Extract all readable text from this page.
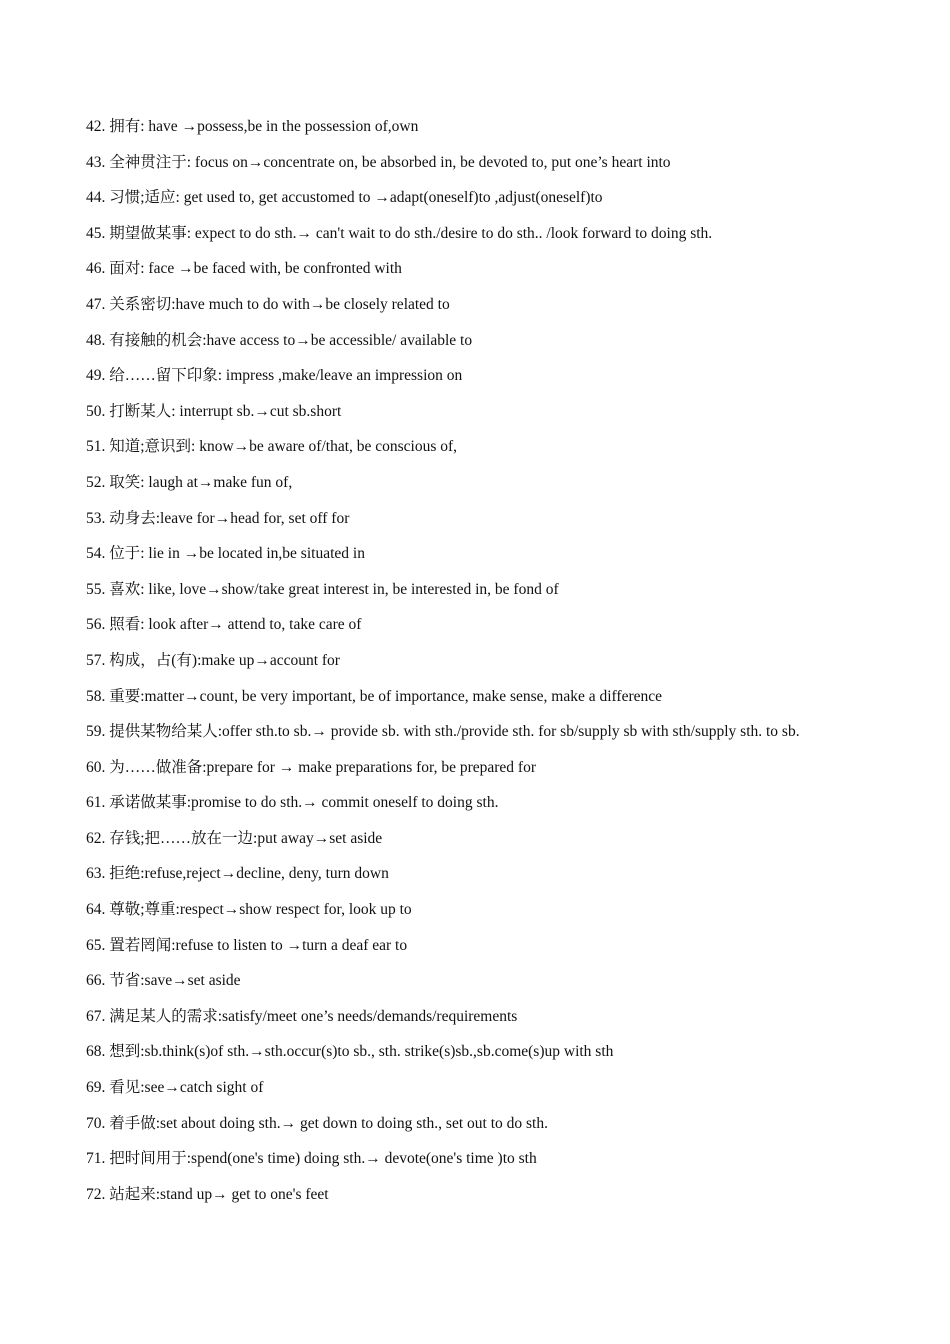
42. 拥有: have →possess,be in the possession of,own
43. 全神贯注于: focus on→concentrate on, be absorbed in, be devoted to, put one’s heart into
44. 习惯;适应: get used to, get accustomed to →adapt(oneself)to ,adjust(oneself)to
45. 期望做某事: expect to do sth.→ can't wait to do sth./desire to do sth.. /look forward to doing sth.
46. 面对: face →be faced with, be confronted with
47. 关系密切:have much to do with→be closely related to
48. 有接触的机会:have access to→be accessible/ available to
49. 给……留下印象: impress ,make/leave an impression on
50. 打断某人: interrupt sb.→cut sb.short
51. 知道;意识到: know→be aware of/that, be conscious of,
52. 取笑: laugh at→make fun of,
53. 动身去:leave for→head for, set off for
54. 位于: lie in →be located in,be situated in
55. 喜欢: like, love→show/take great interest in, be interested in, be fond of
56. 照看: look after→ attend to, take care of
57. 构成，占(有):make up→account for
58. 重要:matter→count, be very important, be of importance, make sense, make a difference
59. 提供某物给某人:offer sth.to sb.→ provide sb. with sth./provide sth. for sb/supply sb with sth/supply sth. to sb.
60. 为……做准备:prepare for → make preparations for, be prepared for
61. 承诺做某事:promise to do sth.→ commit oneself to doing sth.
62. 存钱;把……放在一边:put away→set aside
63. 拒绝:refuse,reject→decline, deny, turn down
64. 尊敬;尊重:respect→show respect for, look up to
65. 置若罔闻:refuse to listen to →turn a deaf ear to
66. 节省:save→set aside
67. 满足某人的需求:satisfy/meet one’s needs/demands/requirements
68. 想到:sb.think(s)of sth.→sth.occur(s)to sb., sth. strike(s)sb.,sb.come(s)up with sth
69. 看见:see→catch sight of
70. 着手做:set about doing sth.→ get down to doing sth., set out to do sth.
71. 把时间用于:spend(one's time) doing sth.→ devote(one's time )to sth
72. 站起来:stand up→ get to one's feet
